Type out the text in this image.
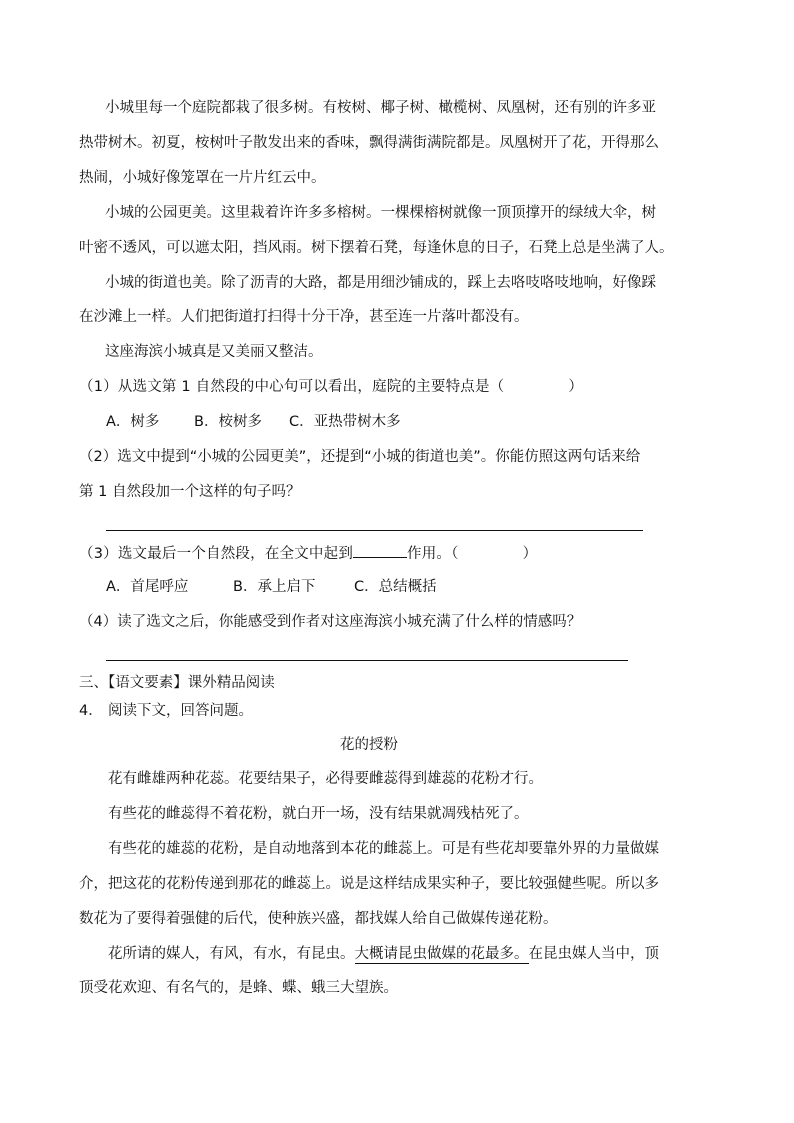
小城里每一个庭院都栽了很多树。有桉树、椰子树、橄榄树、凤凰树，还有别的许多亚
热带树木。初夏，桉树叶子散发出来的香味，飘得满街满院都是。凤凰树开了花，开得那么
热闹，小城好像笼罩在一片片红云中。
小城的公园更美。这里栽着许许多多榕树。一棵棵榕树就像一顶顶撑开的绿绒大伞，树
叶密不透风，可以遮太阳，挡风雨。树下摆着石凳，每逢休息的日子，石凳上总是坐满了人。
小城的街道也美。除了沥青的大路，都是用细沙铺成的，踩上去咯吱咯吱地响，好像踩
在沙滩上一样。人们把街道打扫得十分干净，甚至连一片落叶都没有。
这座海滨小城真是又美丽又整洁。
（1）从选文第 1 自然段的中心句可以看出，庭院的主要特点是（	）
A．树多 B．桉树多 C．亚热带树木多
（2）选文中提到“小城的公园更美”，还提到“小城的街道也美”。你能仿照这两句话来给
第 1 自然段加一个这样的句子吗？
（3）选文最后一个自然段，在全文中起到	作用。（	）
A．首尾呼应	B．承上启下	C．总结概括
（4）读了选文之后，你能感受到作者对这座海滨小城充满了什么样的情感吗？
三、【语文要素】课外精品阅读
4． 阅读下文，回答问题。
花的授粉
花有雌雄两种花蕊。花要结果子，必得要雌蕊得到雄蕊的花粉才行。
有些花的雌蕊得不着花粉，就白开一场，没有结果就凋残枯死了。
有些花的雄蕊的花粉，是自动地落到本花的雌蕊上。可是有些花却要靠外界的力量做媒
介，把这花的花粉传递到那花的雌蕊上。说是这样结成果实种子，要比较强健些呢。所以多
数花为了要得着强健的后代，使种族兴盛，都找媒人给自己做媒传递花粉。
花所请的媒人，有风，有水，有昆虫。大概请昆虫做媒的花最多。在昆虫媒人当中，顶
顶受花欢迎、有名气的，是蜂、蝶、蛾三大望族。
